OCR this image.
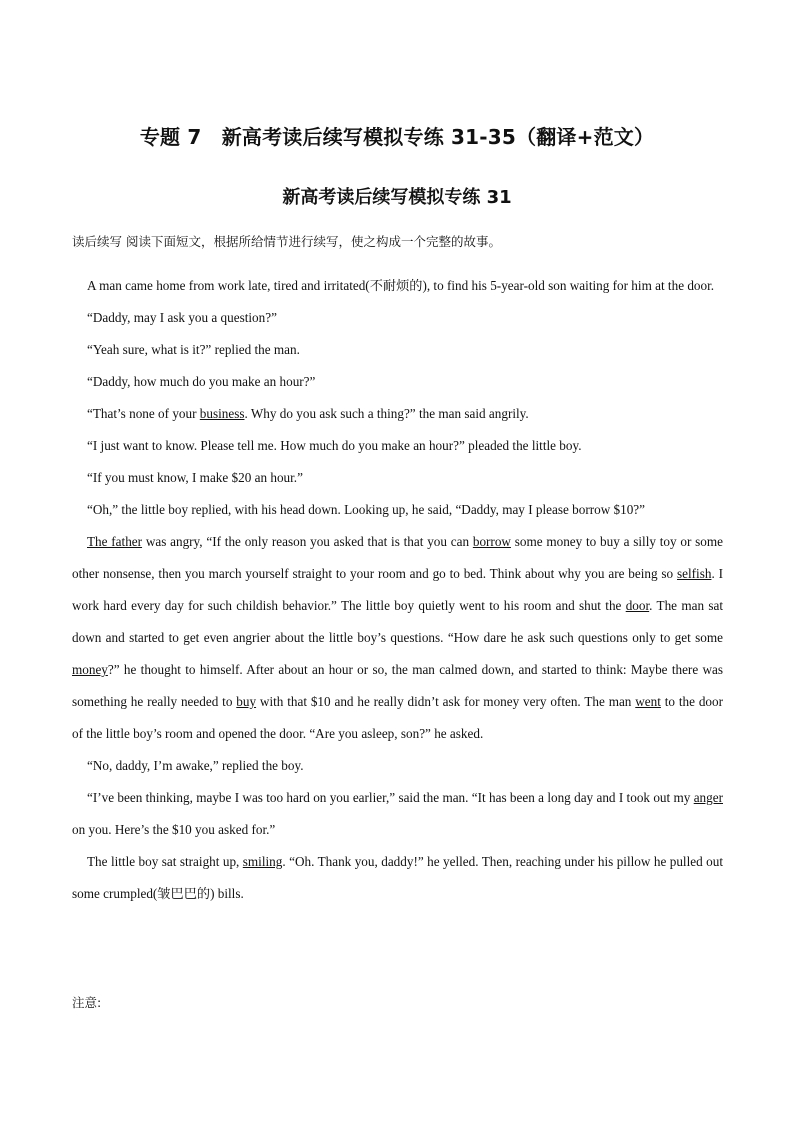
专题 7　新高考读后续写模拟专练 31-35（翻译+范文）
新高考读后续写模拟专练 31
读后续写 阅读下面短文，根据所给情节进行续写，使之构成一个完整的故事。

A man came home from work late, tired and irritated(不耐烦的), to find his 5-year-old son waiting for him at the door.

“Daddy, may I ask you a question?”

“Yeah sure, what is it?” replied the man.

“Daddy, how much do you make an hour?”

“That’s none of your business. Why do you ask such a thing?” the man said angrily.

“I just want to know. Please tell me. How much do you make an hour?” pleaded the little boy.

“If you must know, I make $20 an hour.”

“Oh,” the little boy replied, with his head down. Looking up, he said, “Daddy, may I please borrow $10?”

The father was angry, “If the only reason you asked that is that you can borrow some money to buy a silly toy or some other nonsense, then you march yourself straight to your room and go to bed. Think about why you are being so selfish. I work hard every day for such childish behavior.” The little boy quietly went to his room and shut the door. The man sat down and started to get even angrier about the little boy’s questions. “How dare he ask such questions only to get some money?” he thought to himself. After about an hour or so, the man calmed down, and started to think: Maybe there was something he really needed to buy with that $10 and he really didn’t ask for money very often. The man went to the door of the little boy’s room and opened the door. “Are you asleep, son?” he asked.

“No, daddy, I’m awake,” replied the boy.

“I’ve been thinking, maybe I was too hard on you earlier,” said the man. “It has been a long day and I took out my anger on you. Here’s the $10 you asked for.”

The little boy sat straight up, smiling. “Oh. Thank you, daddy!” he yelled. Then, reaching under his pillow he pulled out some crumpled(皱巴巴的) bills.

注意:
